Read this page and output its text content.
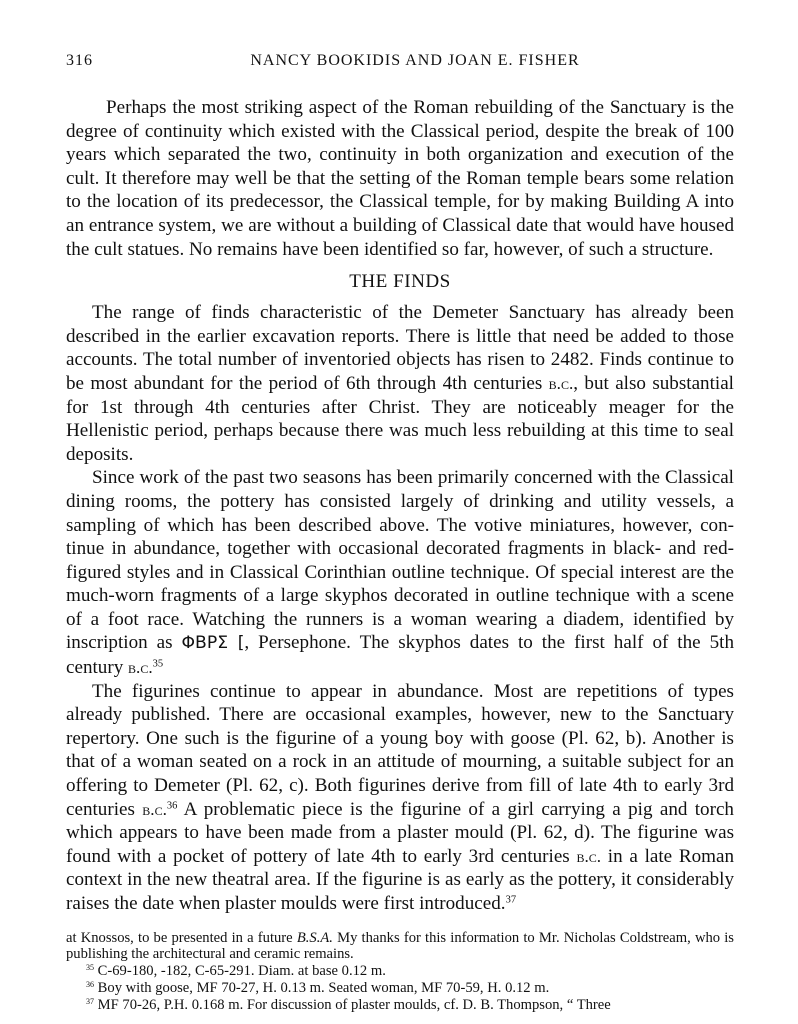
316	NANCY BOOKIDIS AND JOAN E. FISHER

Perhaps the most striking aspect of the Roman rebuilding of the Sanctuary is the degree of continuity which existed with the Classical period, despite the break of 100 years which separated the two, continuity in both organization and execution of the cult. It therefore may well be that the setting of the Roman temple bears some relation to the location of its predecessor, the Classical temple, for by making Building A into an entrance system, we are without a building of Classical date that would have housed the cult statues. No remains have been identified so far, however, of such a structure.

THE FINDS

The range of finds characteristic of the Demeter Sanctuary has already been described in the earlier excavation reports. There is little that need be added to those accounts. The total number of inventoried objects has risen to 2482. Finds continue to be most abundant for the period of 6th through 4th centuries b.c., but also substantial for 1st through 4th centuries after Christ. They are noticeably meager for the Hellenistic period, perhaps because there was much less rebuilding at this time to seal deposits.

Since work of the past two seasons has been primarily concerned with the Classical dining rooms, the pottery has consisted largely of drinking and utility vessels, a sampling of which has been described above. The votive miniatures, however, continue in abundance, together with occasional decorated fragments in black- and red-figured styles and in Classical Corinthian outline technique. Of special interest are the much-worn fragments of a large skyphos decorated in outline technique with a scene of a foot race. Watching the runners is a woman wearing a diadem, identified by inscription as ΦΒΡΣ [, Persephone. The skyphos dates to the first half of the 5th century b.c.$^{35}$

The figurines continue to appear in abundance. Most are repetitions of types already published. There are occasional examples, however, new to the Sanctuary repertory. One such is the figurine of a young boy with goose (Pl. 62, b). Another is that of a woman seated on a rock in an attitude of mourning, a suitable subject for an offering to Demeter (Pl. 62, c). Both figurines derive from fill of late 4th to early 3rd centuries b.c.$^{36}$ A problematic piece is the figurine of a girl carrying a pig and torch which appears to have been made from a plaster mould (Pl. 62, d). The figurine was found with a pocket of pottery of late 4th to early 3rd centuries b.c. in a late Roman context in the new theatral area. If the figurine is as early as the pottery, it considerably raises the date when plaster moulds were first introduced.$^{37}$

at Knossos, to be presented in a future B.S.A. My thanks for this information to Mr. Nicholas Coldstream, who is publishing the architectural and ceramic remains.

$^{35}$ C-69-180, -182, C-65-291. Diam. at base 0.12 m.

$^{36}$ Boy with goose, MF 70-27, H. 0.13 m. Seated woman, MF 70-59, H. 0.12 m.

$^{37}$ MF 70-26, P.H. 0.168 m. For discussion of plaster moulds, cf. D. B. Thompson, “ Three
